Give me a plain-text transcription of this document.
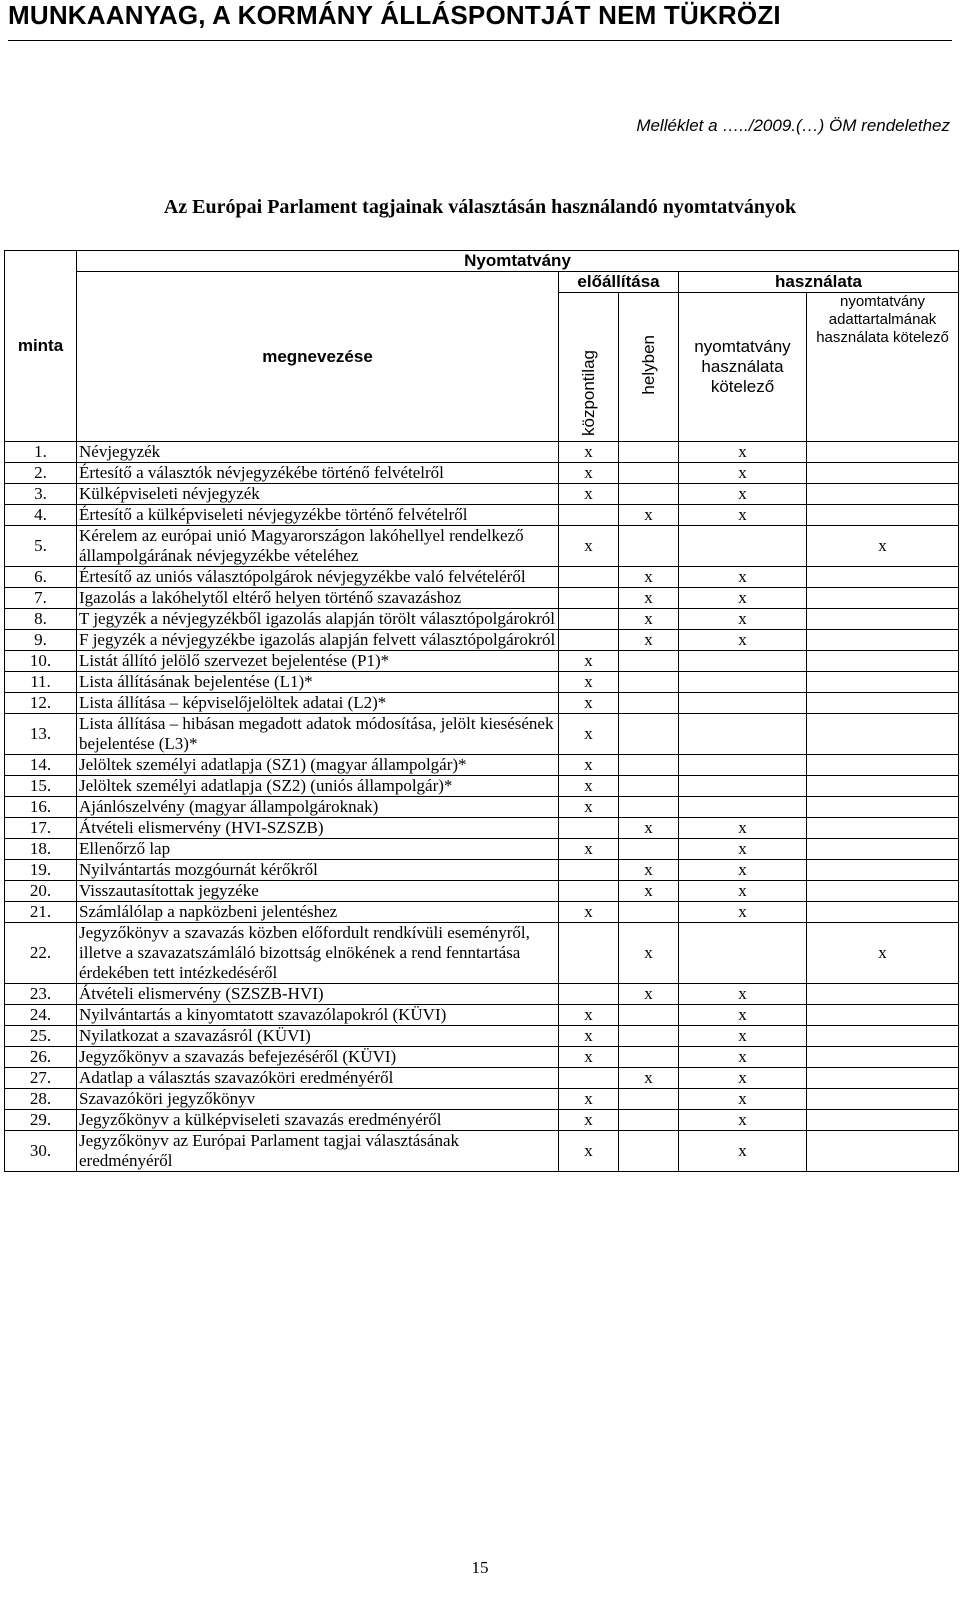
MUNKAANYAG, A KORMÁNY ÁLLÁSPONTJÁT NEM TÜKRÖZI
Melléklet a …../2009.(…) ÖM rendelethez
Az Európai Parlament tagjainak választásán használandó nyomtatványok
minta	Nyomtatvány				
	megnevezése	előállítása		használata	
		központilag	helyben	nyomtatvány használata kötelező	nyomtatvány adattartalmának használata kötelező
1.	Névjegyzék	x		x	
2.	Értesítő a választók névjegyzékébe történő felvételről	x		x	
3.	Külképviseleti névjegyzék	x		x	
4.	Értesítő a külképviseleti névjegyzékbe történő felvételről		x	x	
5.	Kérelem az európai unió Magyarországon lakóhellyel rendelkező állampolgárának névjegyzékbe vételéhez	x			x
6.	Értesítő az uniós választópolgárok névjegyzékbe való felvételéről		x	x	
7.	Igazolás a lakóhelytől eltérő helyen történő szavazáshoz		x	x	
8.	T jegyzék a névjegyzékből igazolás alapján törölt választópolgárokról		x	x	
9.	F jegyzék a névjegyzékbe igazolás alapján felvett választópolgárokról		x	x	
10.	Listát állító jelölő szervezet bejelentése (P1)*	x			
11.	Lista állításának bejelentése (L1)*	x			
12.	Lista állítása – képviselőjelöltek adatai (L2)*	x			
13.	Lista állítása – hibásan megadott adatok módosítása, jelölt kiesésének bejelentése (L3)*	x			
14.	Jelöltek személyi adatlapja (SZ1) (magyar állampolgár)*	x			
15.	Jelöltek személyi adatlapja (SZ2) (uniós állampolgár)*	x			
16.	Ajánlószelvény (magyar állampolgároknak)	x			
17.	Átvételi elismervény (HVI-SZSZB)		x	x	
18.	Ellenőrző lap	x		x	
19.	Nyilvántartás mozgóurnát kérőkről		x	x	
20.	Visszautasítottak jegyzéke		x	x	
21.	Számlálólap a napközbeni jelentéshez	x		x	
22.	Jegyzőkönyv a szavazás közben előfordult rendkívüli eseményről, illetve a szavazatszámláló bizottság elnökének a rend fenntartása érdekében tett intézkedéséről		x		x
23.	Átvételi elismervény (SZSZB-HVI)		x	x	
24.	Nyilvántartás a kinyomtatott szavazólapokról (KÜVI)	x		x	
25.	Nyilatkozat a szavazásról (KÜVI)	x		x	
26.	Jegyzőkönyv a szavazás befejezéséről (KÜVI)	x		x	
27.	Adatlap a választás szavazóköri eredményéről		x	x	
28.	Szavazóköri jegyzőkönyv	x		x	
29.	Jegyzőkönyv a külképviseleti szavazás eredményéről	x		x	
30.	Jegyzőkönyv az Európai Parlament tagjai választásának eredményéről	x		x	
15
